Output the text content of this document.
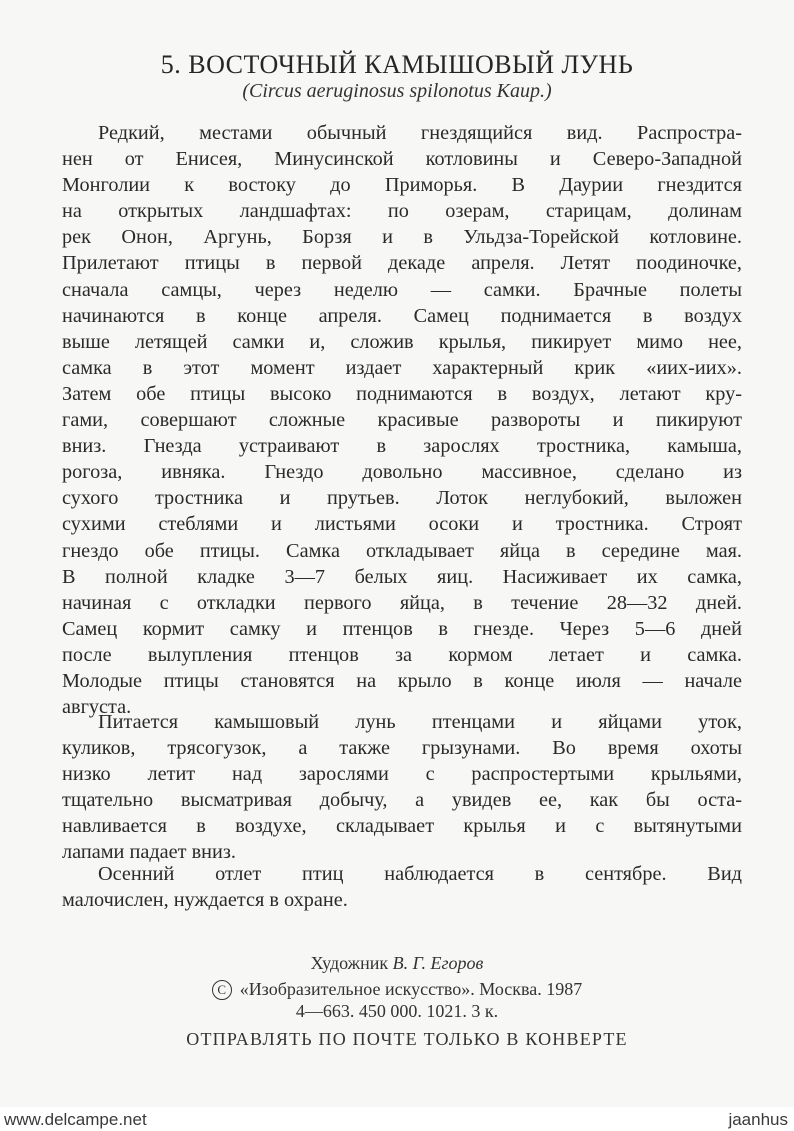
5. ВОСТОЧНЫЙ КАМЫШОВЫЙ ЛУНЬ
(Circus aeruginosus spilonotus Kaup.)
Редкий, местами обычный гнездящийся вид. Распростра-
нен от Енисея, Минусинской котловины и Северо-Западной
Монголии к востоку до Приморья. В Даурии гнездится
на открытых ландшафтах: по озерам, старицам, долинам
рек Онон, Аргунь, Борзя и в Ульдза-Торейской котловине.
Прилетают птицы в первой декаде апреля. Летят поодиночке,
сначала самцы, через неделю — самки. Брачные полеты
начинаются в конце апреля. Самец поднимается в воздух
выше летящей самки и, сложив крылья, пикирует мимо нее,
самка в этот момент издает характерный крик «иих-иих».
Затем обе птицы высоко поднимаются в воздух, летают кру-
гами, совершают сложные красивые развороты и пикируют
вниз. Гнезда устраивают в зарослях тростника, камыша,
рогоза, ивняка. Гнездо довольно массивное, сделано из
сухого тростника и прутьев. Лоток неглубокий, выложен
сухими стеблями и листьями осоки и тростника. Строят
гнездо обе птицы. Самка откладывает яйца в середине мая.
В полной кладке 3—7 белых яиц. Насиживает их самка,
начиная с откладки первого яйца, в течение 28—32 дней.
Самец кормит самку и птенцов в гнезде. Через 5—6 дней
после вылупления птенцов за кормом летает и самка.
Молодые птицы становятся на крыло в конце июля — начале
августа.
Питается камышовый лунь птенцами и яйцами уток,
куликов, трясогузок, а также грызунами. Во время охоты
низко летит над зарослями с распростертыми крыльями,
тщательно высматривая добычу, а увидев ее, как бы оста-
навливается в воздухе, складывает крылья и с вытянутыми
лапами падает вниз.
Осенний отлет птиц наблюдается в сентябре. Вид
малочислен, нуждается в охране.
Художник В. Г. Егоров
C «Изобразительное искусство». Москва. 1987
4—663. 450 000. 1021. 3 к.
ОТПРАВЛЯТЬ ПО ПОЧТЕ ТОЛЬКО В КОНВЕРТЕ
www.delcampe.net	jaanhus
